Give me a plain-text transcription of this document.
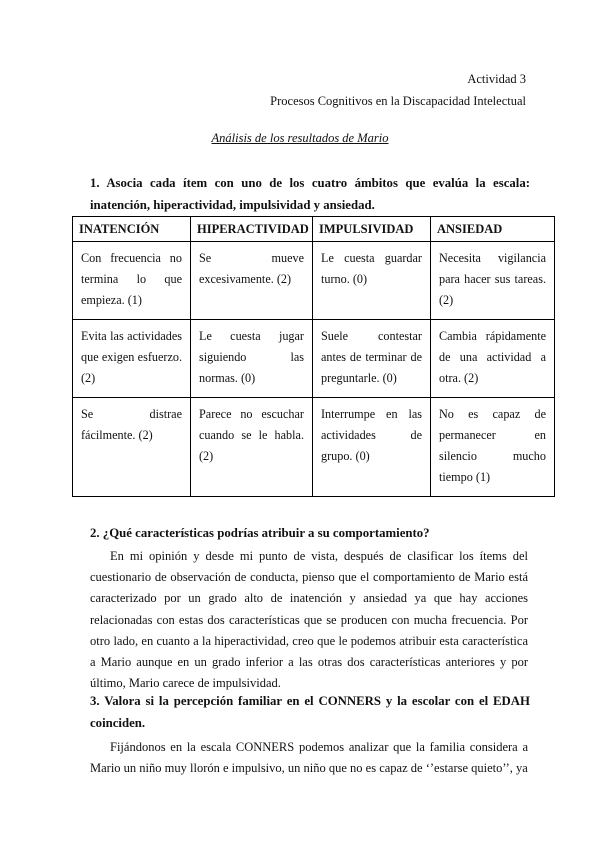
Actividad 3
Procesos Cognitivos en la Discapacidad Intelectual
Análisis de los resultados de Mario
1. Asocia cada ítem con uno de los cuatro ámbitos que evalúa la escala: inatención, hiperactividad, impulsividad y ansiedad.
INATENCIÓN	HIPERACTIVIDAD	IMPULSIVIDAD	ANSIEDAD
Con frecuencia no termina lo que empieza. (1)	Se mueve excesivamente. (2)	Le cuesta guardar turno. (0)	Necesita vigilancia para hacer sus tareas. (2)
Evita las actividades que exigen esfuerzo. (2)	Le cuesta jugar siguiendo las normas. (0)	Suele contestar antes de terminar de preguntarle. (0)	Cambia rápidamente de una actividad a otra. (2)
Se distrae fácilmente. (2)	Parece no escuchar cuando se le habla. (2)	Interrumpe en las actividades de grupo. (0)	No es capaz de permanecer en silencio mucho tiempo (1)
2. ¿Qué características podrías atribuir a su comportamiento?
En mi opinión y desde mi punto de vista, después de clasificar los ítems del cuestionario de observación de conducta, pienso que el comportamiento de Mario está caracterizado por un grado alto de inatención y ansiedad ya que hay acciones relacionadas con estas dos características que se producen con mucha frecuencia. Por otro lado, en cuanto a la hiperactividad, creo que le podemos atribuir esta característica a Mario aunque en un grado inferior a las otras dos características anteriores y por último, Mario carece de impulsividad.
3. Valora si la percepción familiar en el CONNERS y la escolar con el EDAH coinciden.
Fijándonos en la escala CONNERS podemos analizar que la familia considera a Mario un niño muy llorón e impulsivo, un niño que no es capaz de ‘’estarse quieto’’, ya
